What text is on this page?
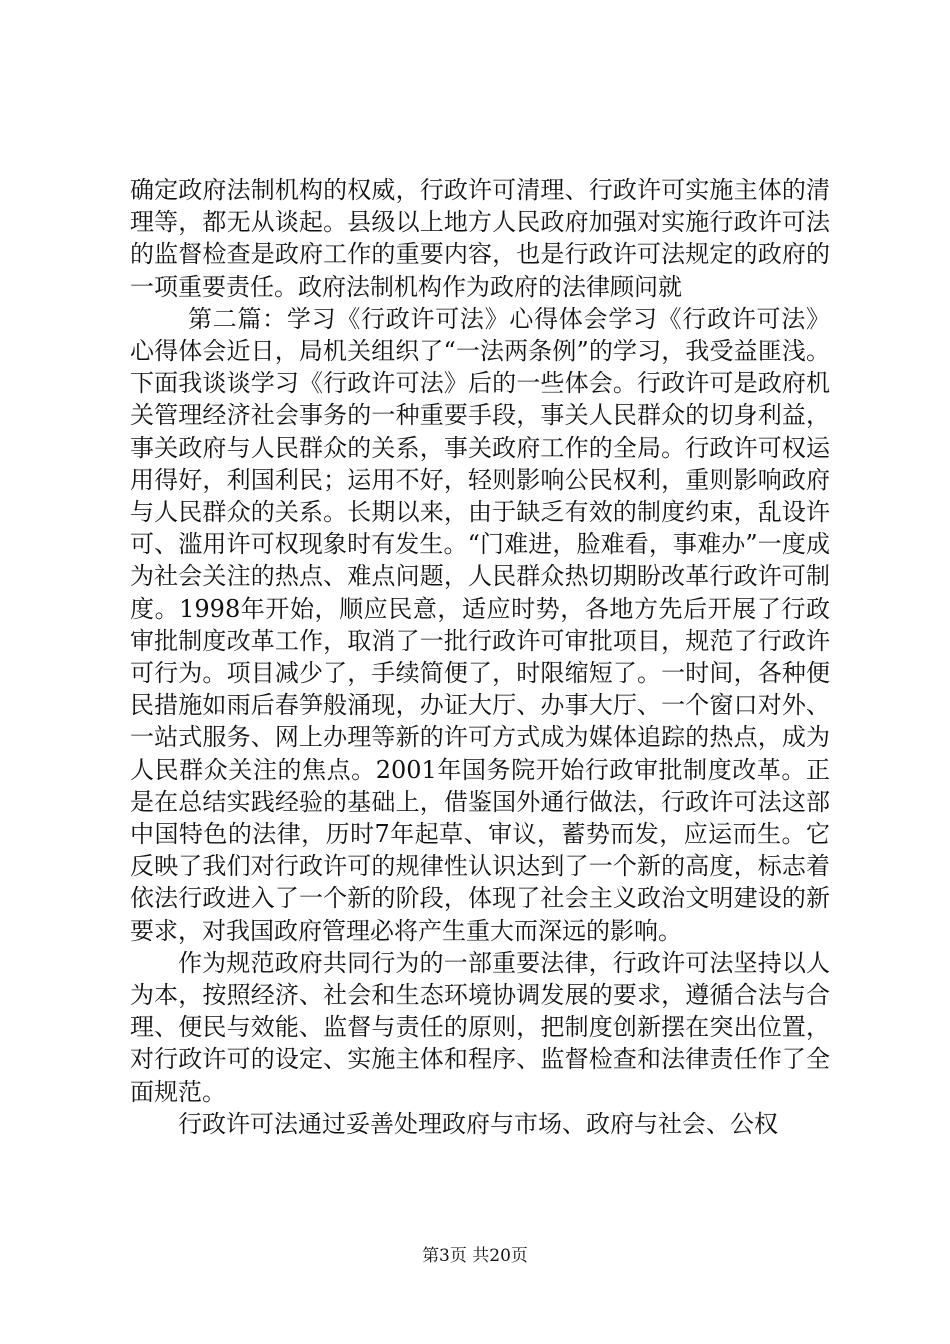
确定政府法制机构的权威，行政许可清理、行政许可实施主体的清理等，都无从谈起。县级以上地方人民政府加强对实施行政许可法的监督检查是政府工作的重要内容，也是行政许可法规定的政府的一项重要责任。政府法制机构作为政府的法律顾问就

第二篇：学习《行政许可法》心得体会学习《行政许可法》心得体会近日，局机关组织了“一法两条例”的学习，我受益匪浅。下面我谈谈学习《行政许可法》后的一些体会。行政许可是政府机关管理经济社会事务的一种重要手段，事关人民群众的切身利益，事关政府与人民群众的关系，事关政府工作的全局。行政许可权运用得好，利国利民；运用不好，轻则影响公民权利，重则影响政府与人民群众的关系。长期以来，由于缺乏有效的制度约束，乱设许可、滥用许可权现象时有发生。“门难进，脸难看，事难办”一度成为社会关注的热点、难点问题，人民群众热切期盼改革行政许可制度。1998年开始，顺应民意，适应时势，各地方先后开展了行政审批制度改革工作，取消了一批行政许可审批项目，规范了行政许可行为。项目减少了，手续简便了，时限缩短了。一时间，各种便民措施如雨后春笋般涌现，办证大厅、办事大厅、一个窗口对外、一站式服务、网上办理等新的许可方式成为媒体追踪的热点，成为人民群众关注的焦点。2001年国务院开始行政审批制度改革。正是在总结实践经验的基础上，借鉴国外通行做法，行政许可法这部中国特色的法律，历时7年起草、审议，蓄势而发，应运而生。它反映了我们对行政许可的规律性认识达到了一个新的高度，标志着依法行政进入了一个新的阶段，体现了社会主义政治文明建设的新要求，对我国政府管理必将产生重大而深远的影响。

作为规范政府共同行为的一部重要法律，行政许可法坚持以人为本，按照经济、社会和生态环境协调发展的要求，遵循合法与合理、便民与效能、监督与责任的原则，把制度创新摆在突出位置，对行政许可的设定、实施主体和程序、监督检查和法律责任作了全面规范。

行政许可法通过妥善处理政府与市场、政府与社会、公权

第3页 共20页
